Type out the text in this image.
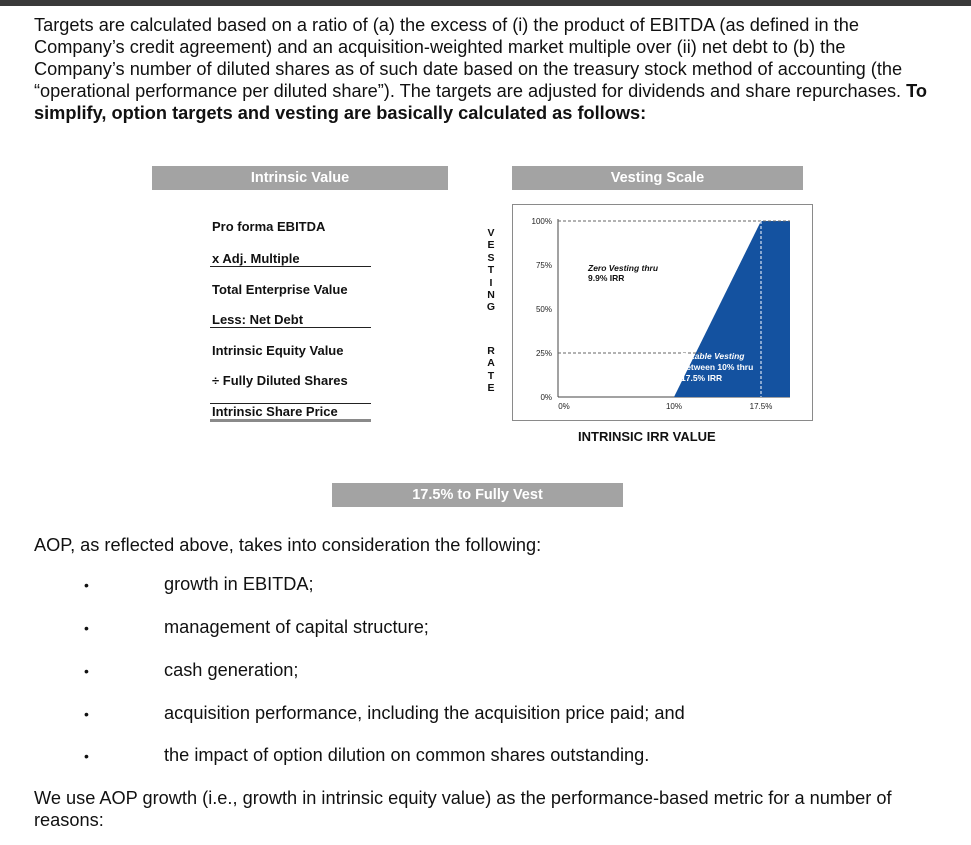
Targets are calculated based on a ratio of (a) the excess of (i) the product of EBITDA (as defined in the Company’s credit agreement) and an acquisition-weighted market multiple over (ii) net debt to (b) the Company’s number of diluted shares as of such date based on the treasury stock method of accounting (the “operational performance per diluted share”). The targets are adjusted for dividends and share repurchases. To simplify, option targets and vesting are basically calculated as follows:

Intrinsic Value	Vesting Scale
Pro forma EBITDA
x Adj. Multiple
Total Enterprise Value
Less: Net Debt
Intrinsic Equity Value
÷ Fully Diluted Shares
Intrinsic Share Price
V
E
S
T
I
N
G
R
A
T
E
0%
25%
50%
75%
100%
0%	10%	17.5%
Zero Vesting thru
9.9% IRR
Ratable Vesting
between 10% thru
17.5% IRR
INTRINSIC IRR VALUE
17.5% to Fully Vest
AOP, as reflected above, takes into consideration the following:
•	growth in EBITDA;
•	management of capital structure;
•	cash generation;
•	acquisition performance, including the acquisition price paid; and
•	the impact of option dilution on common shares outstanding.

We use AOP growth (i.e., growth in intrinsic equity value) as the performance-based metric for a number of reasons:
